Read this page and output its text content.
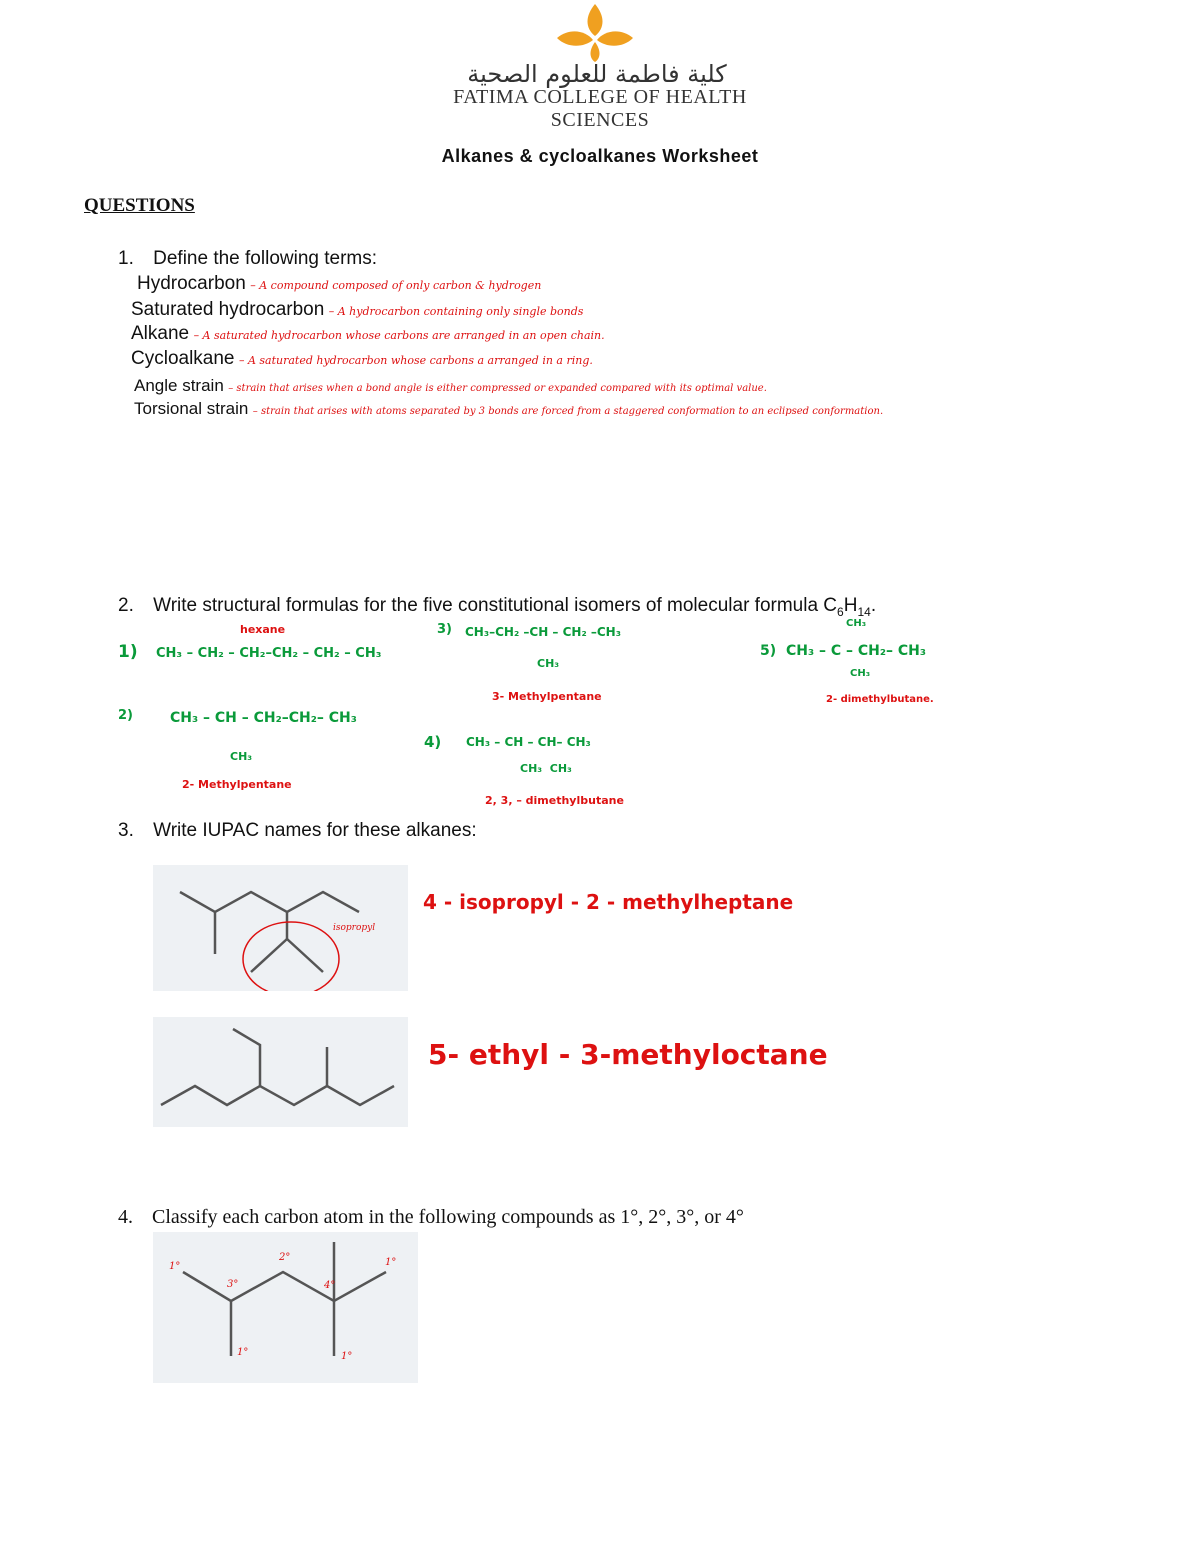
كلية فاطمة للعلوم الصحية
FATIMA COLLEGE OF HEALTH SCIENCES
Alkanes & cycloalkanes Worksheet
QUESTIONS
1. Define the following terms:
Hydrocarbon – A compound composed of only carbon & hydrogen
Saturated hydrocarbon – A hydrocarbon containing only single bonds
Alkane – A saturated hydrocarbon whose carbons are arranged in an open chain.
Cycloalkane – A saturated hydrocarbon whose carbons a arranged in a ring.
Angle strain – strain that arises when a bond angle is either compressed or expanded compared with its optimal value.
Torsional strain – strain that arises with atoms separated by 3 bonds are forced from a staggered conformation to an eclipsed conformation.
2. Write structural formulas for the five constitutional isomers of molecular formula $C_6H_{14}$.
hexane
1) CH₃ – CH₂ – CH₂–CH₂ – CH₂ – CH₃
2)	CH₃ – CH – CH₂–CH₂– CH₃
CH₃
2- Methylpentane
3) CH₃–CH₂ –CH – CH₂ –CH₃
CH₃
3- Methylpentane
4) CH₃ – CH – CH– CH₃
CH₃  CH₃
2, 3, – dimethylbutane
CH₃
5) CH₃ – C – CH₂– CH₃
CH₃
2- dimethylbutane.
3. Write IUPAC names for these alkanes:
isopropyl
4 - isopropyl - 2 - methylheptane
5- ethyl - 3-methyloctane
4. Classify each carbon atom in the following compounds as 1°, 2°, 3°, or 4°
1°
3°
2°
4°
1°
1°	1°
